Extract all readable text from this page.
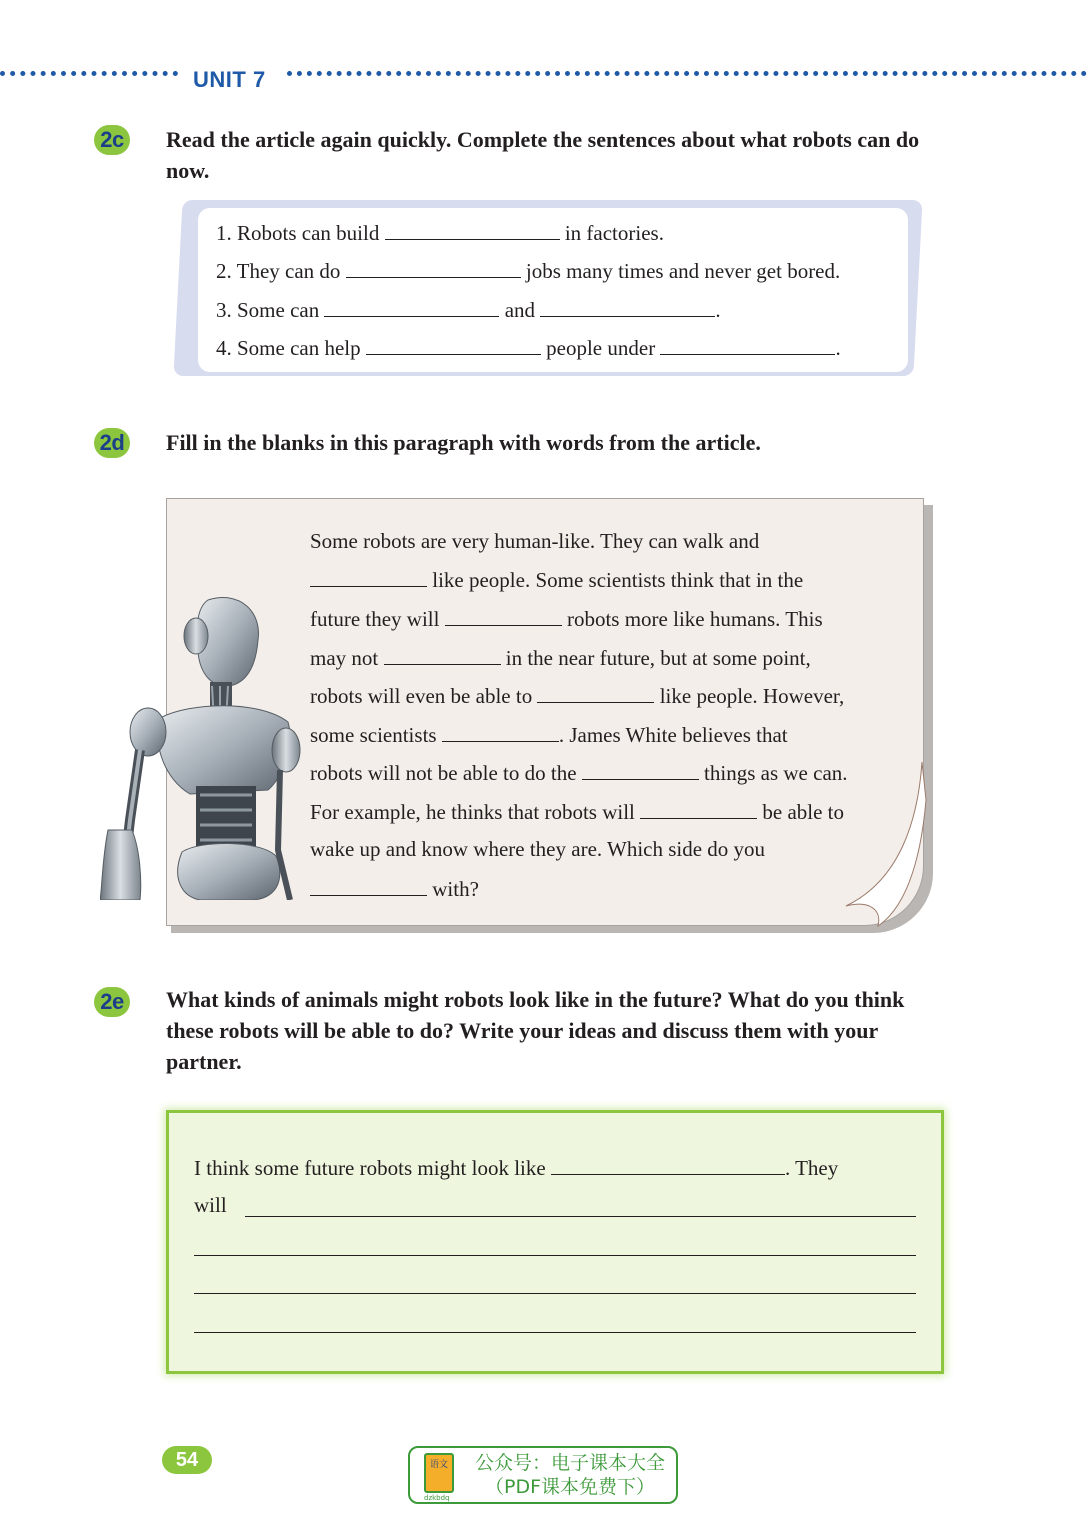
UNIT 7
2c Read the article again quickly. Complete the sentences about what robots can do now.
1. Robots can build	in factories.
2. They can do	jobs many times and never get bored.
3. Some can	and	.
4. Some can help	people under	.
2d Fill in the blanks in this paragraph with words from the article.
Some robots are very human-like. They can walk and
like people. Some scientists think that in the
future they will	robots more like humans. This
may not	in the near future, but at some point,
robots will even be able to	like people. However,
some scientists	. James White believes that
robots will not be able to do the	things as we can.
For example, he thinks that robots will	be able to
wake up and know where they are. Which side do you
with?
2e What kinds of animals might robots look like in the future? What do you think these robots will be able to do? Write your ideas and discuss them with your partner.
I think some future robots might look like	. They
will
54	语文
dzkbdq
公众号：电子课本大全
（PDF课本免费下）
